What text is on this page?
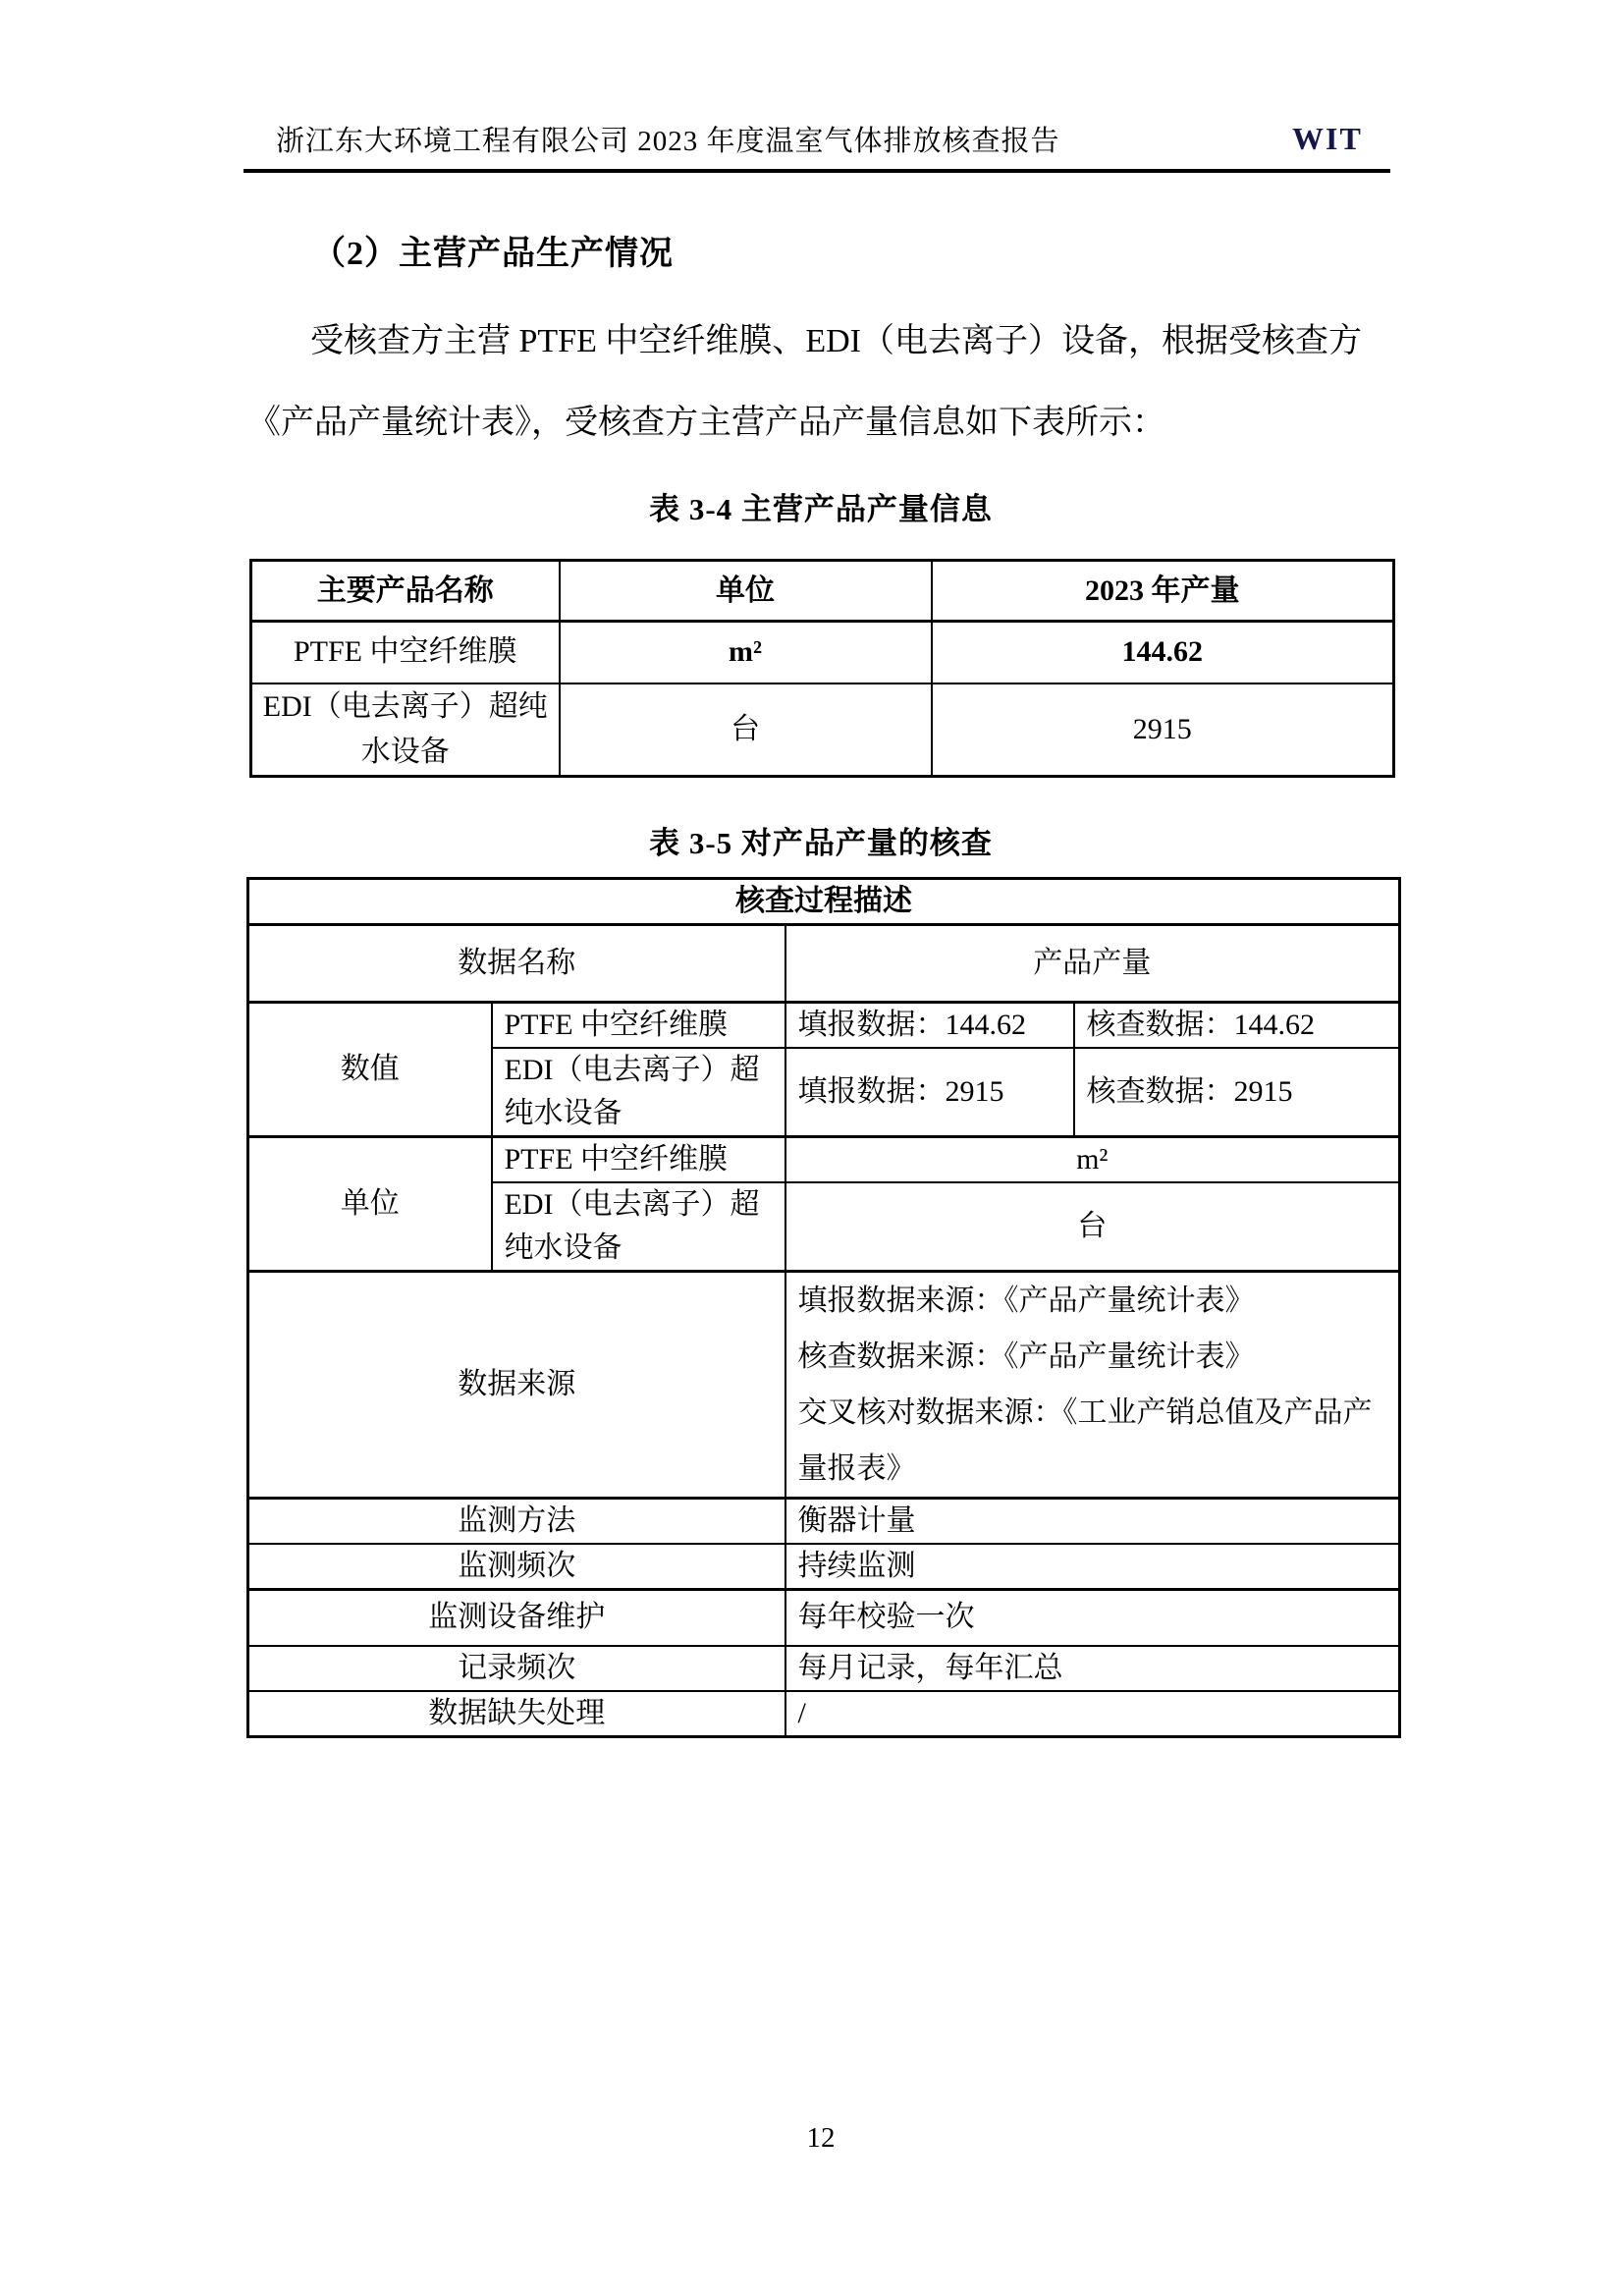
浙江东大环境工程有限公司 2023 年度温室气体排放核查报告	WIT
（2）主营产品生产情况
受核查方主营 PTFE 中空纤维膜、EDI（电去离子）设备，根据受核查方
《产品产量统计表》，受核查方主营产品产量信息如下表所示：
表 3-4 主营产品产量信息
主要产品名称	单位	2023 年产量
PTFE 中空纤维膜	m²	144.62
EDI（电去离子）超纯水设备	台	2915
表 3-5 对产品产量的核查
核查过程描述			
数据名称		产品产量	
数值	PTFE 中空纤维膜	填报数据：144.62	核查数据：144.62
	EDI（电去离子）超纯水设备	填报数据：2915	核查数据：2915
单位	PTFE 中空纤维膜	m²	
	EDI（电去离子）超纯水设备	台	
数据来源		填报数据来源：《产品产量统计表》
核查数据来源：《产品产量统计表》
交叉核对数据来源：《工业产销总值及产品产量报表》	

监测方法		衡器计量	
监测频次		持续监测	
监测设备维护		每年校验一次	
记录频次		每月记录，每年汇总	
数据缺失处理		/	
12
